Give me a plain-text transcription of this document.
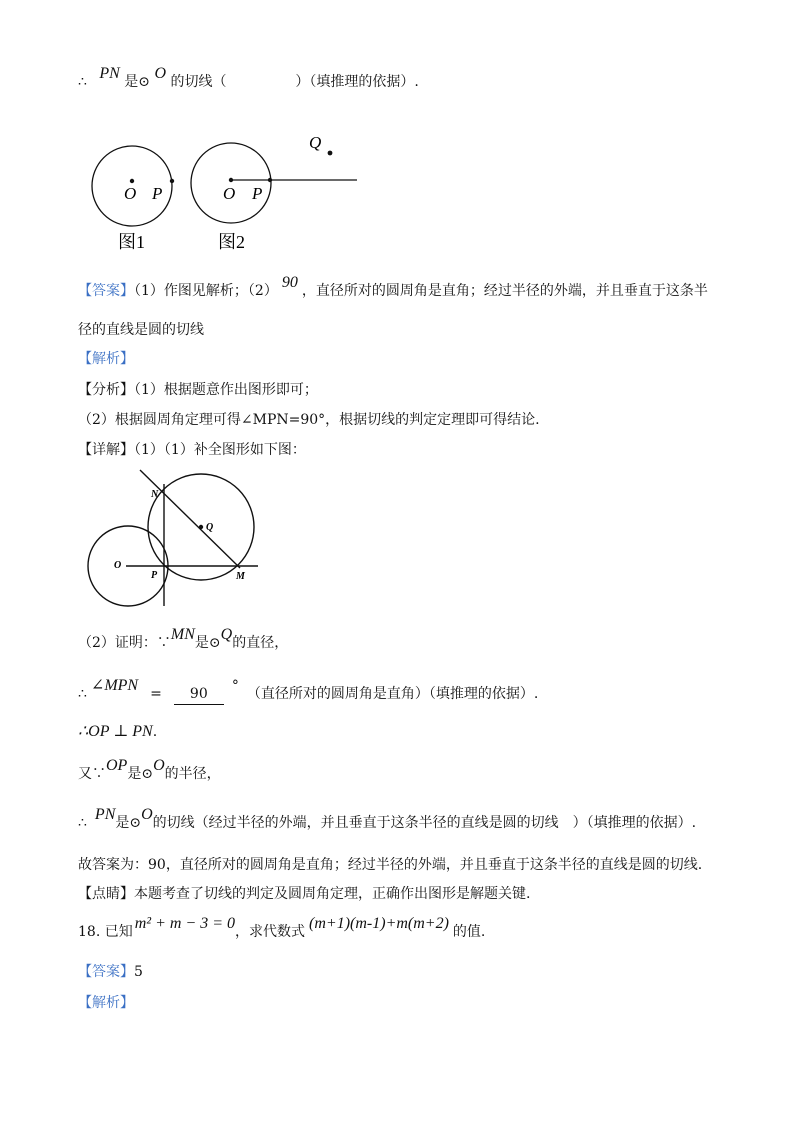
∴ PN 是⊙ O 的切线（	）（填推理的依据）.
O P
图1
O P
Q
图2
【答案】（1）作图见解析；（2） 90 ，直径所对的圆周角是直角；经过半径的外端，并且垂直于这条半
径的直线是圆的切线
【解析】
【分析】（1）根据题意作出图形即可；
（2）根据圆周角定理可得∠MPN=90°，根据切线的判定定理即可得结论.
【详解】（1）（1）补全图形如下图：
N
Q
O
P	M
（2）证明：∵MN是⊙Q的直径，
∴ ∠MPN = 90 ° （直径所对的圆周角是直角）（填推理的依据）.
∴OP ⊥ PN.
又∵OP是⊙O的半径，
∴ PN是⊙O的切线（经过半径的外端，并且垂直于这条半径的直线是圆的切线 ）（填推理的依据）.
故答案为：90，直径所对的圆周角是直角；经过半径的外端，并且垂直于这条半径的直线是圆的切线.
【点睛】本题考查了切线的判定及圆周角定理，正确作出图形是解题关键.
18. 已知 m² + m − 3 = 0，求代数式 (m+1)(m-1)+m(m+2) 的值.
【答案】5
【解析】
